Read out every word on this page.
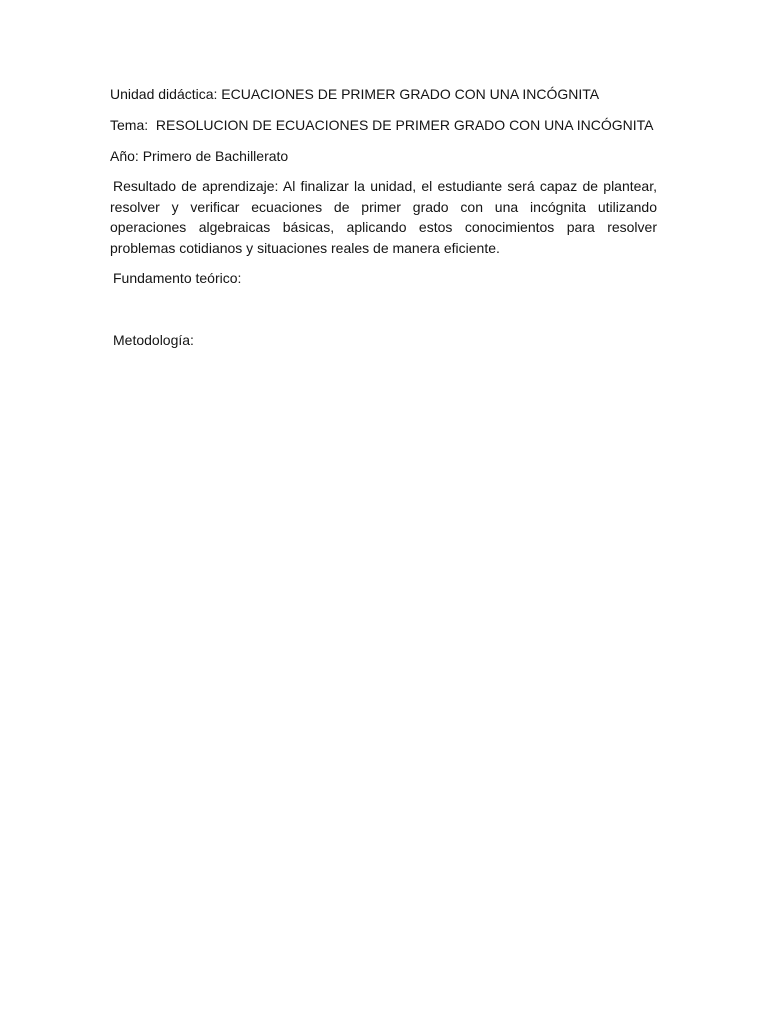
Unidad didáctica: ECUACIONES DE PRIMER GRADO CON UNA INCÓGNITA

Tema:  RESOLUCION DE ECUACIONES DE PRIMER GRADO CON UNA INCÓGNITA

Año: Primero de Bachillerato

Resultado de aprendizaje: Al finalizar la unidad, el estudiante será capaz de plantear, resolver y verificar ecuaciones de primer grado con una incógnita utilizando operaciones algebraicas básicas, aplicando estos conocimientos para resolver problemas cotidianos y situaciones reales de manera eficiente.

Fundamento teórico:

Metodología:
